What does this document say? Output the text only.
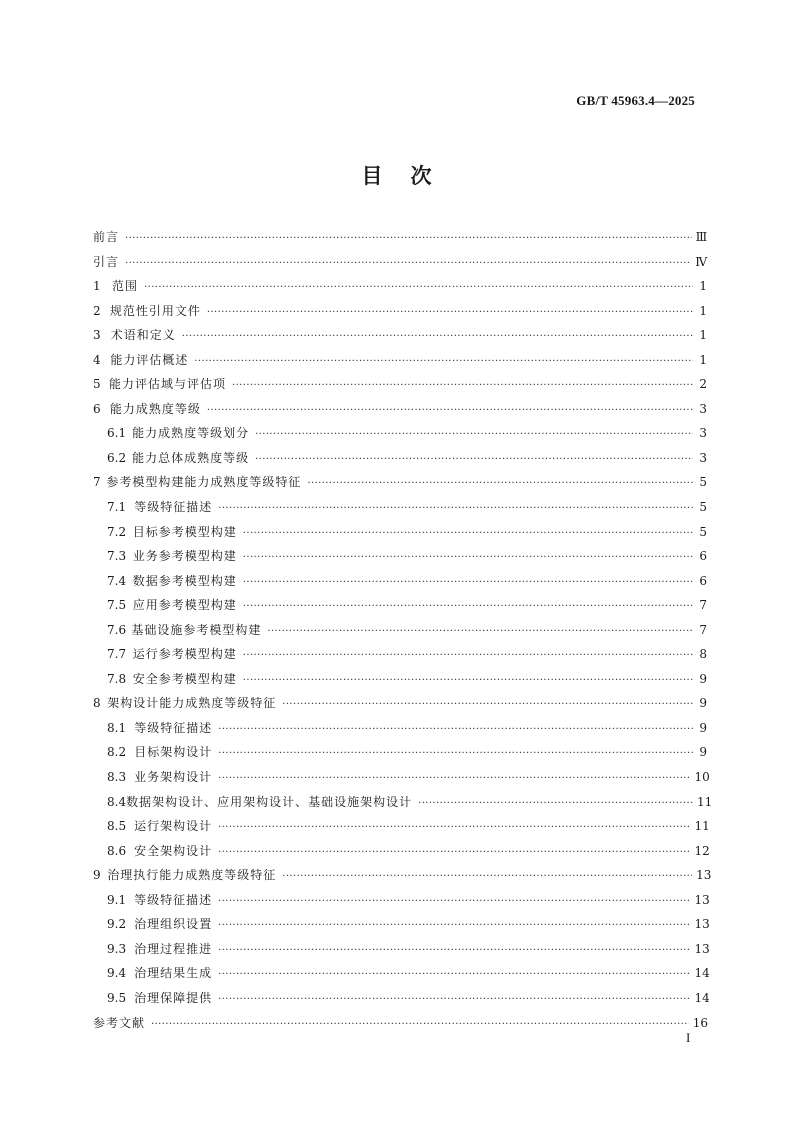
GB/T 45963.4—2025
目次
前言 ·····	Ⅲ
引言 ·····	Ⅳ
1 范围 ·····	1
2 规范性引用文件 ·····	1
3 术语和定义 ·····	1
4 能力评估概述 ·····	1
5 能力评估域与评估项 ·····	2
6 能力成熟度等级 ·····	3
6.1 能力成熟度等级划分 ·····	3
6.2 能力总体成熟度等级 ·····	3
7 参考模型构建能力成熟度等级特征 ·····	5
7.1 等级特征描述 ·····	5
7.2 目标参考模型构建 ·····	5
7.3 业务参考模型构建 ·····	6
7.4 数据参考模型构建 ·····	6
7.5 应用参考模型构建 ·····	7
7.6 基础设施参考模型构建 ·····	7
7.7 运行参考模型构建 ·····	8
7.8 安全参考模型构建 ·····	9
8 架构设计能力成熟度等级特征 ·····	9
8.1 等级特征描述 ·····	9
8.2 目标架构设计 ·····	9
8.3 业务架构设计 ·····	10
8.4 数据架构设计、应用架构设计、基础设施架构设计 ·····	11
8.5 运行架构设计 ·····	11
8.6 安全架构设计 ·····	12
9 治理执行能力成熟度等级特征 ·····	13
9.1 等级特征描述 ·····	13
9.2 治理组织设置 ·····	13
9.3 治理过程推进 ·····	13
9.4 治理结果生成 ·····	14
9.5 治理保障提供 ·····	14
参考文献 ·····	16
I
